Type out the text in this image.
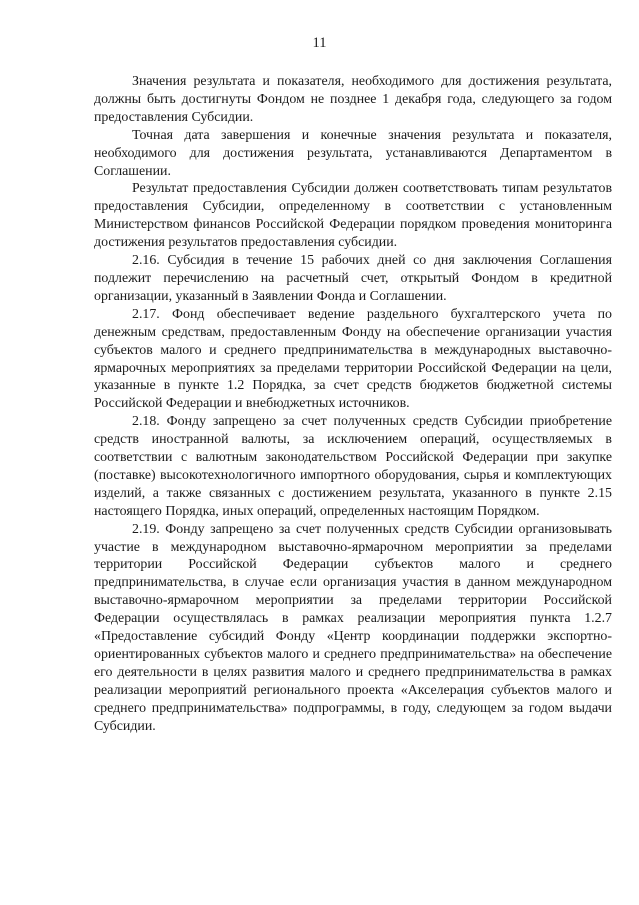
11

Значения результата и показателя, необходимого для достижения результата, должны быть достигнуты Фондом не позднее 1 декабря года, следующего за годом предоставления Субсидии.

Точная дата завершения и конечные значения результата и показателя, необходимого для достижения результата, устанавливаются Департаментом в Соглашении.

Результат предоставления Субсидии должен соответствовать типам результатов предоставления Субсидии, определенному в соответствии с установленным Министерством финансов Российской Федерации порядком проведения мониторинга достижения результатов предоставления субсидии.

2.16. Субсидия в течение 15 рабочих дней со дня заключения Соглашения подлежит перечислению на расчетный счет, открытый Фондом в кредитной организации, указанный в Заявлении Фонда и Соглашении.

2.17. Фонд обеспечивает ведение раздельного бухгалтерского учета по денежным средствам, предоставленным Фонду на обеспечение организации участия субъектов малого и среднего предпринимательства в международных выставочно-ярмарочных мероприятиях за пределами территории Российской Федерации на цели, указанные в пункте 1.2 Порядка, за счет средств бюджетов бюджетной системы Российской Федерации и внебюджетных источников.

2.18. Фонду запрещено за счет полученных средств Субсидии приобретение средств иностранной валюты, за исключением операций, осуществляемых в соответствии с валютным законодательством Российской Федерации при закупке (поставке) высокотехнологичного импортного оборудования, сырья и комплектующих изделий, а также связанных с достижением результата, указанного в пункте 2.15 настоящего Порядка, иных операций, определенных настоящим Порядком.

2.19. Фонду запрещено за счет полученных средств Субсидии организовывать участие в международном выставочно-ярмарочном мероприятии за пределами территории Российской Федерации субъектов малого и среднего предпринимательства, в случае если организация участия в данном международном выставочно-ярмарочном мероприятии за пределами территории Российской Федерации осуществлялась в рамках реализации мероприятия пункта 1.2.7 «Предоставление субсидий Фонду «Центр координации поддержки экспортно-ориентированных субъектов малого и среднего предпринимательства» на обеспечение его деятельности в целях развития малого и среднего предпринимательства в рамках реализации мероприятий регионального проекта «Акселерация субъектов малого и среднего предпринимательства» подпрограммы, в году, следующем за годом выдачи Субсидии.
